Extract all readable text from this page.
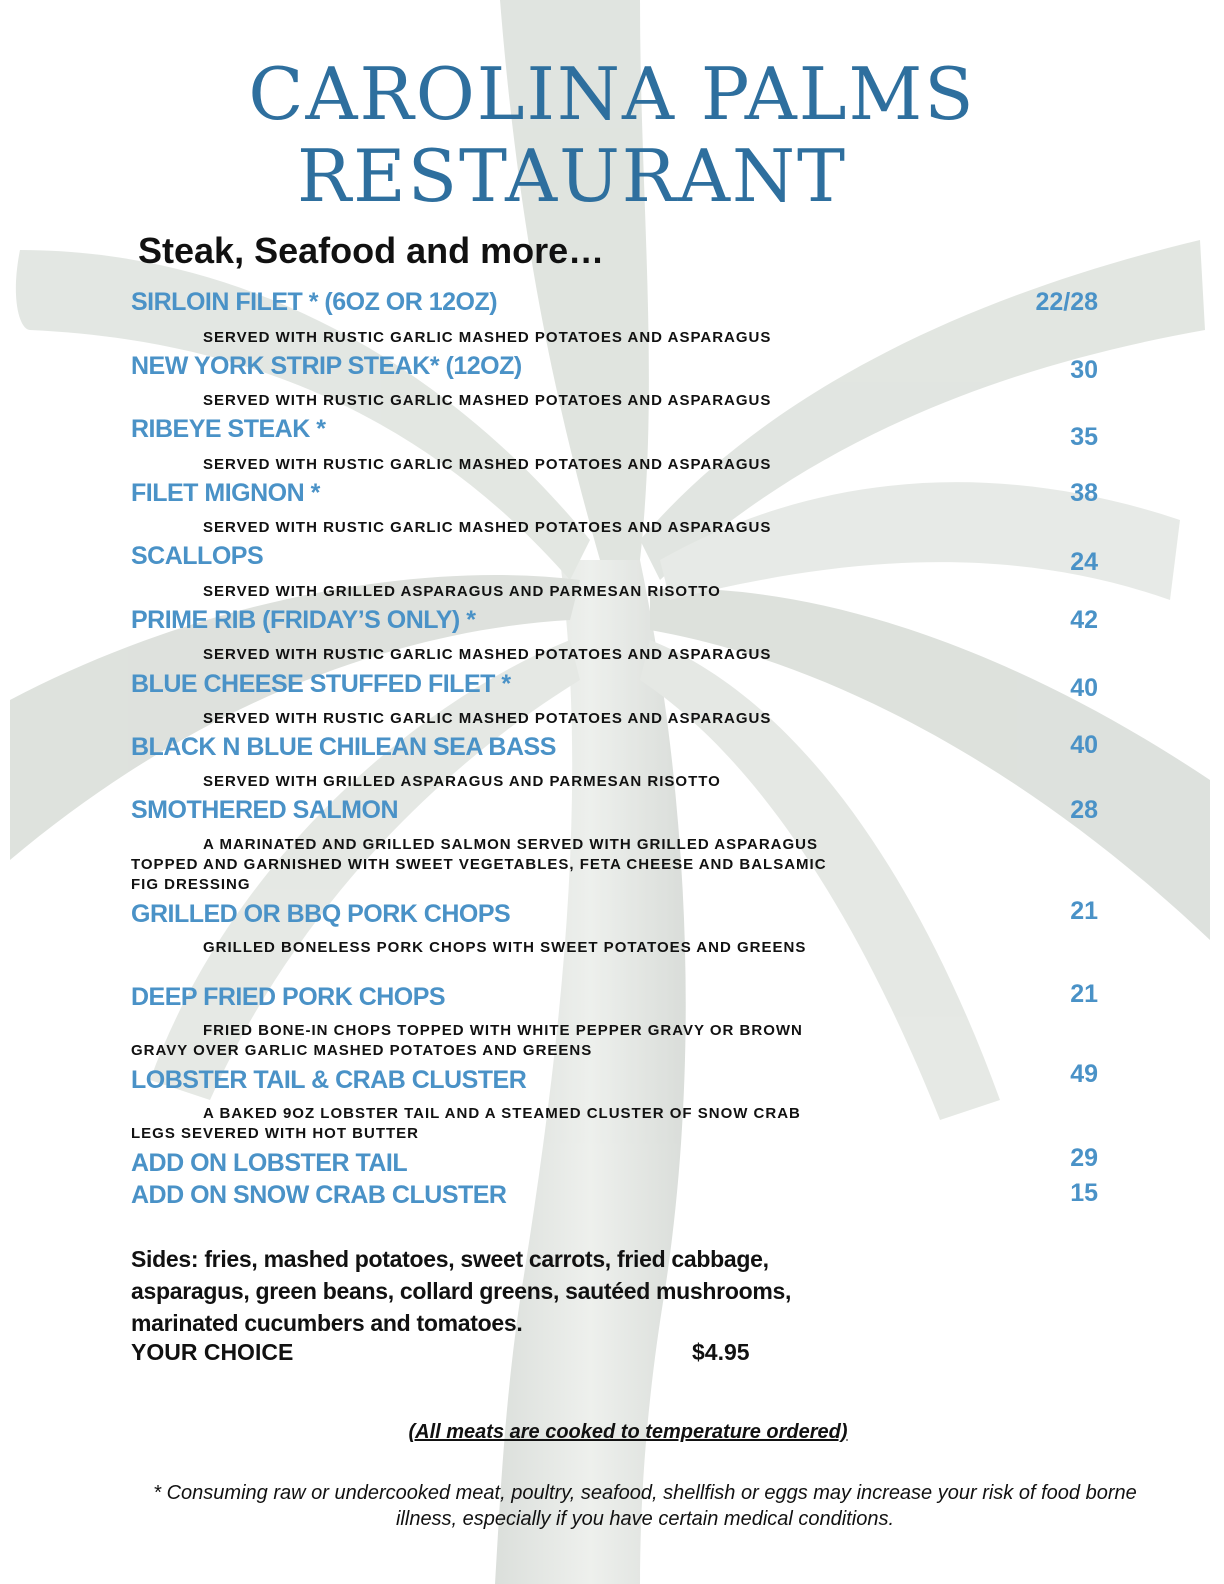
CAROLINA PALMS
RESTAURANT
Steak, Seafood and more…
SIRLOIN FILET * (6OZ OR 12OZ)	22/28
SERVED WITH RUSTIC GARLIC MASHED POTATOES AND ASPARAGUS
NEW YORK STRIP STEAK* (12OZ)	30
SERVED WITH RUSTIC GARLIC MASHED POTATOES AND ASPARAGUS
RIBEYE STEAK *	35
SERVED WITH RUSTIC GARLIC MASHED POTATOES AND ASPARAGUS
FILET MIGNON *	38
SERVED WITH RUSTIC GARLIC MASHED POTATOES AND ASPARAGUS
SCALLOPS	24
SERVED WITH GRILLED ASPARAGUS AND PARMESAN RISOTTO
PRIME RIB (FRIDAY’S ONLY) *	42
SERVED WITH RUSTIC GARLIC MASHED POTATOES AND ASPARAGUS
BLUE CHEESE STUFFED FILET *	40
SERVED WITH RUSTIC GARLIC MASHED POTATOES AND ASPARAGUS
BLACK N BLUE CHILEAN SEA BASS	40
SERVED WITH GRILLED ASPARAGUS AND PARMESAN RISOTTO
SMOTHERED SALMON	28
A MARINATED AND GRILLED SALMON SERVED WITH GRILLED ASPARAGUS TOPPED AND GARNISHED WITH SWEET VEGETABLES, FETA CHEESE AND BALSAMIC FIG DRESSING
GRILLED OR BBQ PORK CHOPS	21
GRILLED BONELESS PORK CHOPS WITH SWEET POTATOES AND GREENS
DEEP FRIED PORK CHOPS	21
FRIED BONE-IN CHOPS TOPPED WITH WHITE PEPPER GRAVY OR BROWN GRAVY OVER GARLIC MASHED POTATOES AND GREENS
LOBSTER TAIL & CRAB CLUSTER	49
A BAKED 9OZ LOBSTER TAIL AND A STEAMED CLUSTER OF SNOW CRAB LEGS SEVERED WITH HOT BUTTER
ADD ON LOBSTER TAIL	29
ADD ON SNOW CRAB CLUSTER	15
Sides: fries, mashed potatoes, sweet carrots, fried cabbage, asparagus, green beans, collard greens, sautéed mushrooms, marinated cucumbers and tomatoes.
YOUR CHOICE	$4.95
(All meats are cooked to temperature ordered)
* Consuming raw or undercooked meat, poultry, seafood, shellfish or eggs may increase your risk of food borne illness, especially if you have certain medical conditions.
